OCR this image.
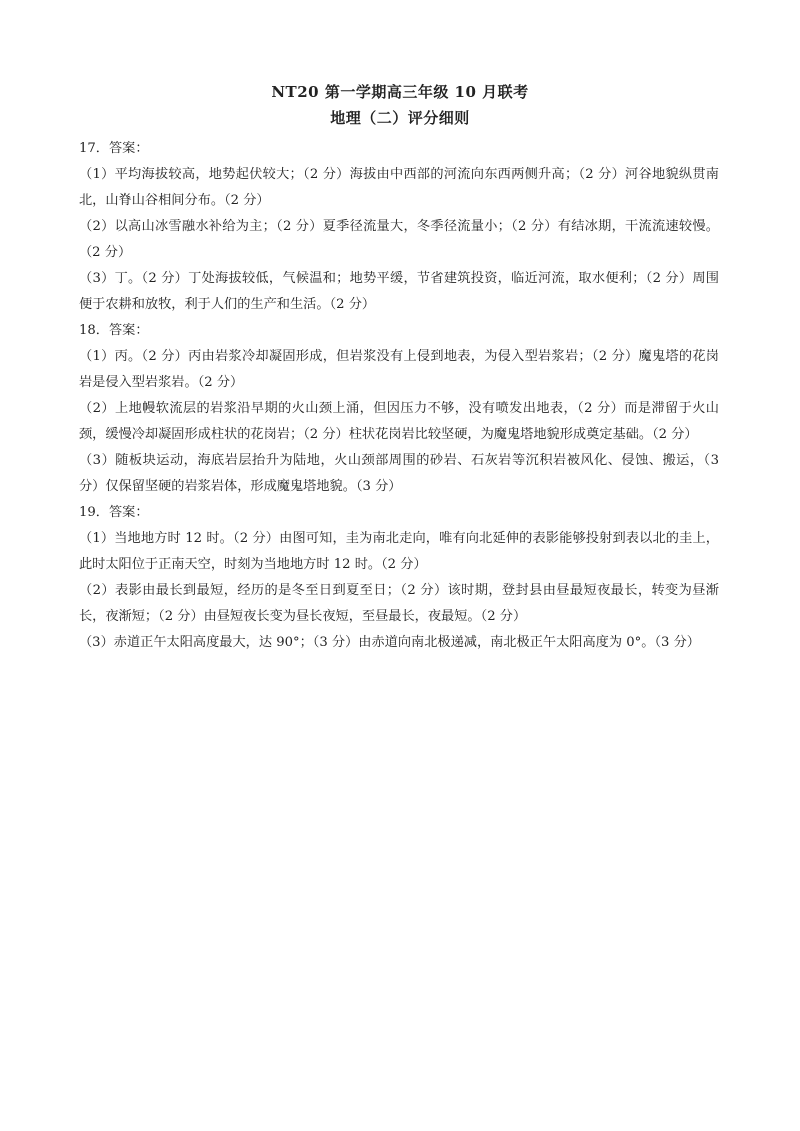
NT20 第一学期高三年级 10 月联考
地理（二）评分细则

17．答案：

（1）平均海拔较高，地势起伏较大；（2 分）海拔由中西部的河流向东西两侧升高；（2 分）河谷地貌纵贯南北，山脊山谷相间分布。（2 分）

（2）以高山冰雪融水补给为主；（2 分）夏季径流量大，冬季径流量小；（2 分）有结冰期，干流流速较慢。（2 分）

（3）丁。（2 分）丁处海拔较低，气候温和；地势平缓，节省建筑投资，临近河流，取水便利；（2 分）周围便于农耕和放牧，利于人们的生产和生活。（2 分）

18．答案：

（1）丙。（2 分）丙由岩浆冷却凝固形成，但岩浆没有上侵到地表，为侵入型岩浆岩；（2 分）魔鬼塔的花岗岩是侵入型岩浆岩。（2 分）

（2）上地幔软流层的岩浆沿早期的火山颈上涌，但因压力不够，没有喷发出地表，（2 分）而是滞留于火山颈，缓慢冷却凝固形成柱状的花岗岩；（2 分）柱状花岗岩比较坚硬，为魔鬼塔地貌形成奠定基础。（2 分）

（3）随板块运动，海底岩层抬升为陆地，火山颈部周围的砂岩、石灰岩等沉积岩被风化、侵蚀、搬运，（3 分）仅保留坚硬的岩浆岩体，形成魔鬼塔地貌。（3 分）

19．答案：

（1）当地地方时 12 时。（2 分）由图可知，圭为南北走向，唯有向北延伸的表影能够投射到表以北的圭上，此时太阳位于正南天空，时刻为当地地方时 12 时。（2 分）

（2）表影由最长到最短，经历的是冬至日到夏至日；（2 分）该时期，登封县由昼最短夜最长，转变为昼渐长，夜渐短；（2 分）由昼短夜长变为昼长夜短，至昼最长，夜最短。（2 分）

（3）赤道正午太阳高度最大，达 90°；（3 分）由赤道向南北极递减，南北极正午太阳高度为 0°。（3 分）
